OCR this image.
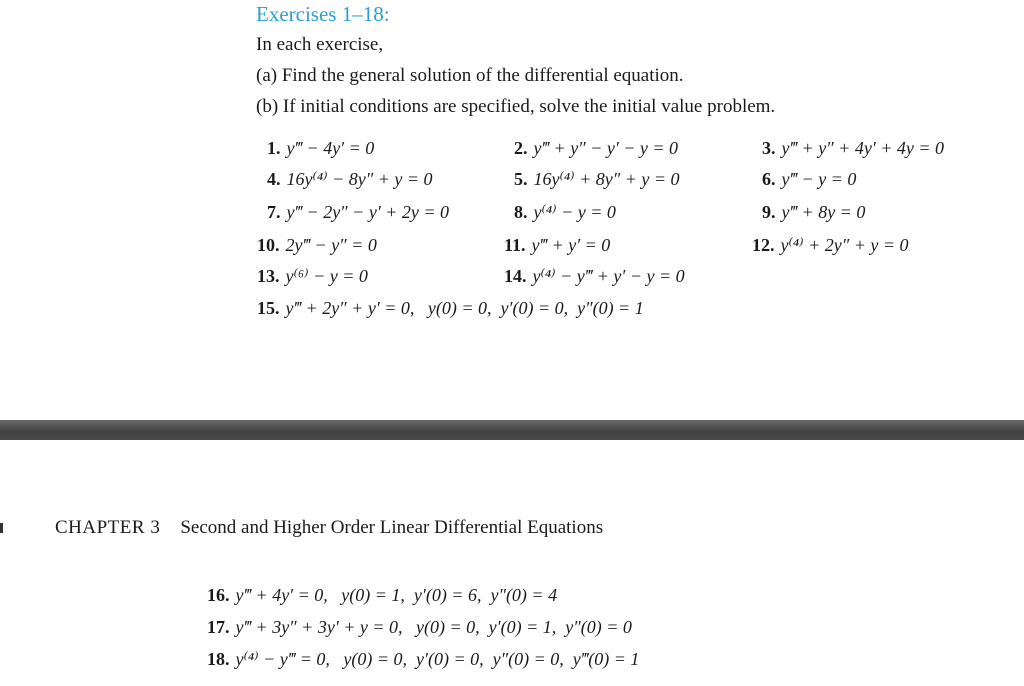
Exercises 1–18:
In each exercise,
(a) Find the general solution of the differential equation.
(b) If initial conditions are specified, solve the initial value problem.
1. y‴ − 4y′ = 0	2. y‴ + y″ − y′ − y = 0	3. y‴ + y″ + 4y′ + 4y = 0
4. 16y⁽⁴⁾ − 8y″ + y = 0	5. 16y⁽⁴⁾ + 8y″ + y = 0	6. y‴ − y = 0
7. y‴ − 2y″ − y′ + 2y = 0	8. y⁽⁴⁾ − y = 0	9. y‴ + 8y = 0
10. 2y‴ − y″ = 0	11. y‴ + y′ = 0	12. y⁽⁴⁾ + 2y″ + y = 0
13. y⁽⁶⁾ − y = 0	14. y⁽⁴⁾ − y‴ + y′ − y = 0
15. y‴ + 2y″ + y′ = 0,   y(0) = 0,  y′(0) = 0,  y″(0) = 1
CHAPTER 3 Second and Higher Order Linear Differential Equations
16. y‴ + 4y′ = 0,   y(0) = 1,  y′(0) = 6,  y″(0) = 4
17. y‴ + 3y″ + 3y′ + y = 0,   y(0) = 0,  y′(0) = 1,  y″(0) = 0
18. y⁽⁴⁾ − y‴ = 0,   y(0) = 0,  y′(0) = 0,  y″(0) = 0,  y‴(0) = 1
